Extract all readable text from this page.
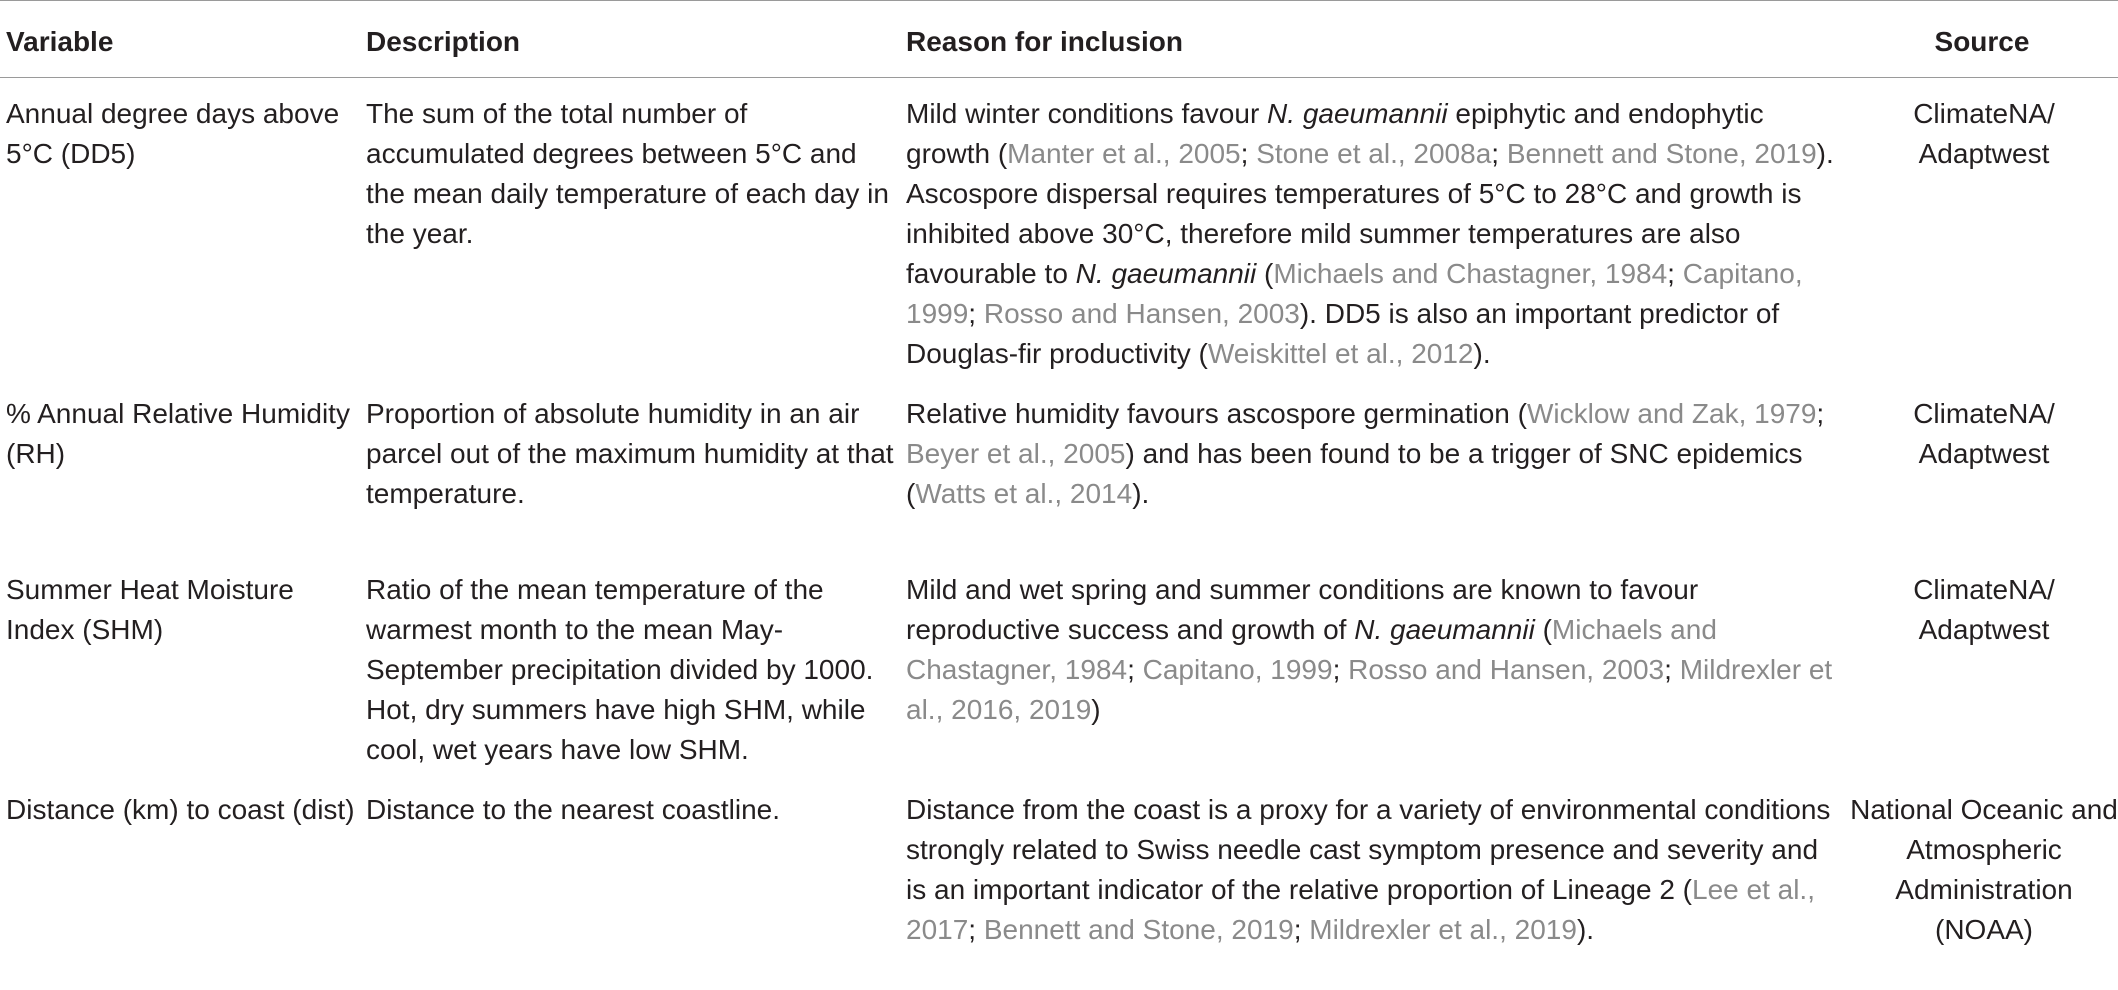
Variable	Description	Reason for inclusion	Source
Annual degree days above 5°C (DD5)	The sum of the total number of accumulated degrees between 5°C and the mean daily temperature of each day in the year.	Mild winter conditions favour N. gaeumannii epiphytic and endophytic growth (Manter et al., 2005; Stone et al., 2008a; Bennett and Stone, 2019). Ascospore dispersal requires temperatures of 5°C to 28°C and growth is inhibited above 30°C, therefore mild summer temperatures are also favourable to N. gaeumannii (Michaels and Chastagner, 1984; Capitano, 1999; Rosso and Hansen, 2003). DD5 is also an important predictor of Douglas-fir productivity (Weiskittel et al., 2012).	ClimateNA/ Adaptwest
% Annual Relative Humidity (RH)	Proportion of absolute humidity in an air parcel out of the maximum humidity at that temperature.	Relative humidity favours ascospore germination (Wicklow and Zak, 1979; Beyer et al., 2005) and has been found to be a trigger of SNC epidemics (Watts et al., 2014).	ClimateNA/ Adaptwest
Summer Heat Moisture Index (SHM)	Ratio of the mean temperature of the warmest month to the mean May-September precipitation divided by 1000. Hot, dry summers have high SHM, while cool, wet years have low SHM.	Mild and wet spring and summer conditions are known to favour reproductive success and growth of N. gaeumannii (Michaels and Chastagner, 1984; Capitano, 1999; Rosso and Hansen, 2003; Mildrexler et al., 2016, 2019)	ClimateNA/ Adaptwest
Distance (km) to coast (dist)	Distance to the nearest coastline.	Distance from the coast is a proxy for a variety of environmental conditions strongly related to Swiss needle cast symptom presence and severity and is an important indicator of the relative proportion of Lineage 2 (Lee et al., 2017; Bennett and Stone, 2019; Mildrexler et al., 2019).	National Oceanic and Atmospheric Administration (NOAA)
